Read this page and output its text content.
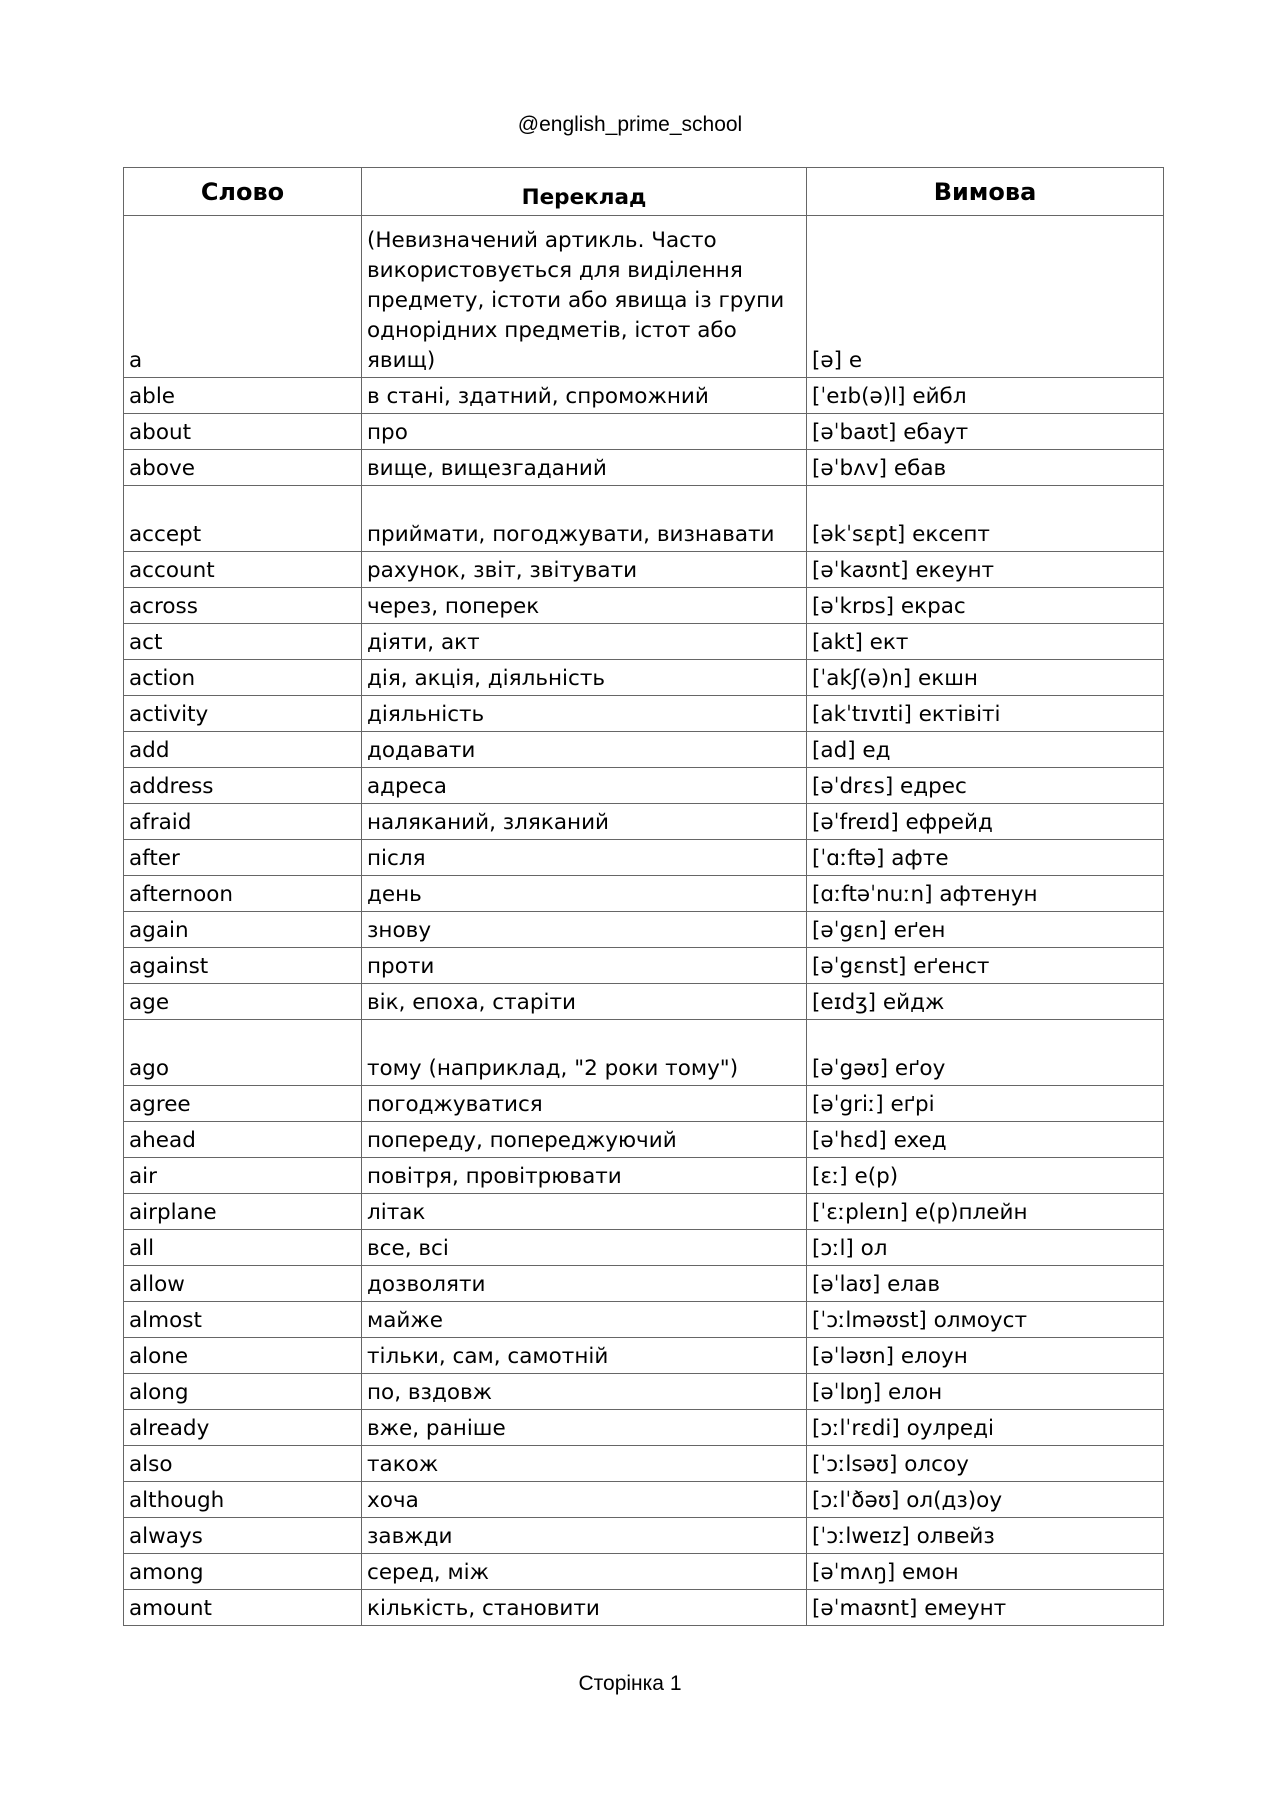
@english_prime_school
Слово	Переклад	Вимова
a	(Невизначений артикль. Часто використовується для виділення предмету, істоти або явища із групи однорідних предметів, істот або явищ)	[ə] е
able	в стані, здатний, спроможний	[ˈeɪb(ə)l] ейбл
about	про	[əˈbaʊt] ебаут
above	вище, вищезгаданий	[əˈbʌv] ебав
accept	приймати, погоджувати, визнавати	[əkˈsɛpt] ексепт
account	рахунок, звіт, звітувати	[əˈkaʊnt] екеунт
across	через, поперек	[əˈkrɒs] екрас
act	діяти, акт	[akt] ект
action	дія, акція, діяльність	[ˈakʃ(ə)n] екшн
activity	діяльність	[akˈtɪvɪti] ектівіті
add	додавати	[ad] ед
address	адреса	[əˈdrɛs] едрес
afraid	наляканий, зляканий	[əˈfreɪd] ефрейд
after	після	[ˈɑːftə] афте
afternoon	день	[ɑːftəˈnuːn] афтенун
again	знову	[əˈgɛn] еґен
against	проти	[əˈgɛnst] еґенст
age	вік, епоха, старіти	[eɪdʒ] ейдж
ago	тому (наприклад, "2 роки тому")	[əˈgəʊ] еґоу
agree	погоджуватися	[əˈgriː] еґрі
ahead	попереду, попереджуючий	[əˈhɛd] exeд
air	повітря, провітрювати	[ɛː] е(р)
airplane	літак	[ˈɛːpleɪn] е(р)плейн
all	все, всі	[ɔːl] ол
allow	дозволяти	[əˈlaʊ] елав
almost	майже	[ˈɔːlməʊst] олмоуст
alone	тільки, сам, самотній	[əˈləʊn] елоун
along	по, вздовж	[əˈlɒŋ] елон
already	вже, раніше	[ɔːlˈrɛdi] оулреді
also	також	[ˈɔːlsəʊ] олсоу
although	хоча	[ɔːlˈðəʊ] ол(дз)оу
always	завжди	[ˈɔːlweɪz] олвейз
among	серед, між	[əˈmʌŋ] емон
amount	кількість, становити	[əˈmaʊnt] емеунт
Сторінка 1
